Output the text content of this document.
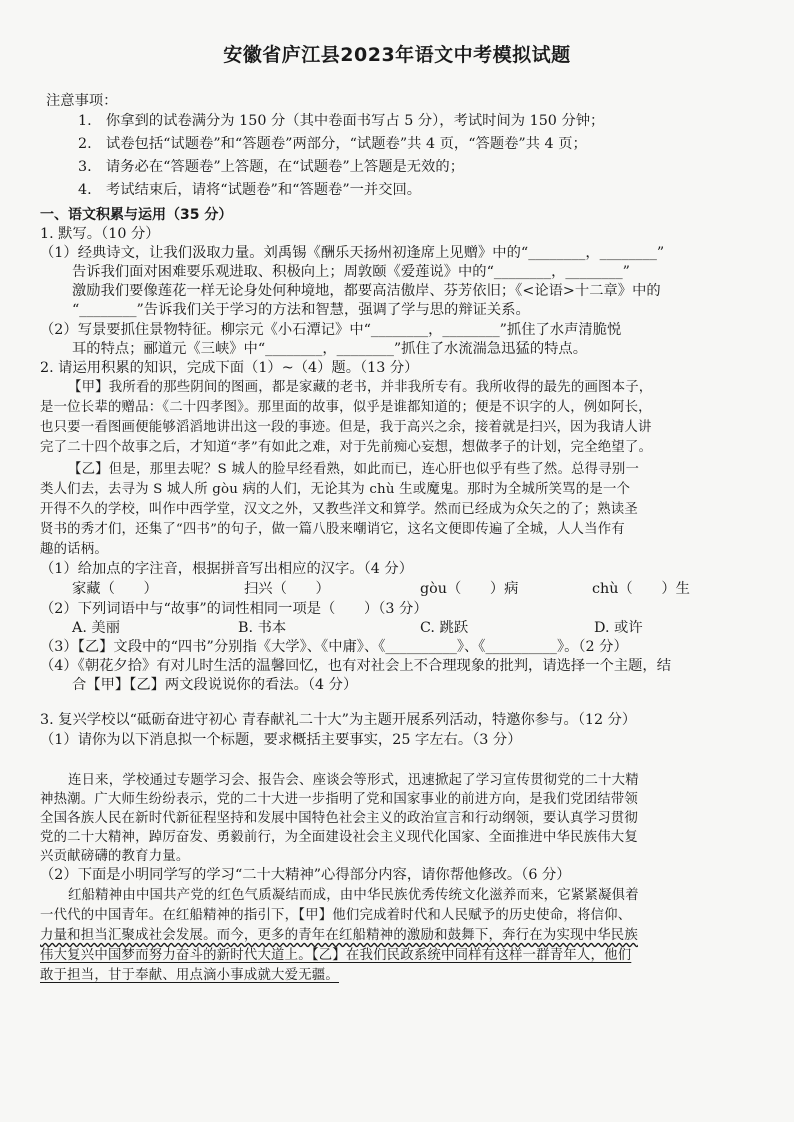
安徽省庐江县2023年语文中考模拟试题
注意事项：
1.　你拿到的试卷满分为 150 分（其中卷面书写占 5 分），考试时间为 150 分钟；
2.　试卷包括“试题卷”和“答题卷”两部分，“试题卷”共 4 页，“答题卷”共 4 页；
3.　请务必在“答题卷”上答题，在“试题卷”上答题是无效的；
4.　考试结束后，请将“试题卷”和“答题卷”一并交回。
一、语文积累与运用（35 分）
1. 默写。（10 分）
（1）经典诗文，让我们汲取力量。刘禹锡《酬乐天扬州初逢席上见赠》中的“________，________”
告诉我们面对困难要乐观进取、积极向上；周敦颐《爱莲说》中的“________，________”
激励我们要像莲花一样无论身处何种境地，都要高洁傲岸、芬芳依旧；《<论语>十二章》中的
“________”告诉我们关于学习的方法和智慧，强调了学与思的辩证关系。
（2）写景要抓住景物特征。柳宗元《小石潭记》中“________，________”抓住了水声清脆悦
耳的特点；郦道元《三峡》中“________，________”抓住了水流湍急迅猛的特点。
2. 请运用积累的知识，完成下面（1）~（4）题。（13 分）
【甲】我所看的那些阴间的图画，都是家藏的老书，并非我所专有。我所收得的最先的画图本子，
是一位长辈的赠品：《二十四孝图》。那里面的故事，似乎是谁都知道的；便是不识字的人，例如阿长，
也只要一看图画便能够滔滔地讲出这一段的事迹。但是，我于高兴之余，接着就是扫兴，因为我请人讲
完了二十四个故事之后，才知道“孝”有如此之难，对于先前痴心妄想，想做孝子的计划，完全绝望了。
【乙】但是，那里去呢？S 城人的脸早经看熟，如此而已，连心肝也似乎有些了然。总得寻别一
类人们去，去寻为 S 城人所 gòu 病的人们，无论其为 chù 生或魔鬼。那时为全城所笑骂的是一个
开得不久的学校，叫作中西学堂，汉文之外，又教些洋文和算学。然而已经成为众矢之的了；熟读圣
贤书的秀才们，还集了“四书”的句子，做一篇八股来嘲诮它，这名文便即传遍了全城，人人当作有
趣的话柄。
（1）给加点的字注音，根据拼音写出相应的汉字。（4 分）
家藏（　　）	扫兴（　　）	gòu（　　）病	chù（　　）生
（2）下列词语中与“故事”的词性相同一项是（　　）（3 分）
A. 美丽	B. 书本	C. 跳跃	D. 或许
（3）【乙】文段中的“四书”分别指《大学》、《中庸》、《__________》、《__________》。（2 分）
（4）《朝花夕拾》有对儿时生活的温馨回忆，也有对社会上不合理现象的批判，请选择一个主题，结
合【甲】【乙】两文段说说你的看法。（4 分）
3. 复兴学校以“砥砺奋进守初心 青春献礼二十大”为主题开展系列活动，特邀你参与。（12 分）
（1）请你为以下消息拟一个标题，要求概括主要事实，25 字左右。（3 分）
连日来，学校通过专题学习会、报告会、座谈会等形式，迅速掀起了学习宣传贯彻党的二十大精
神热潮。广大师生纷纷表示，党的二十大进一步指明了党和国家事业的前进方向，是我们党团结带领
全国各族人民在新时代新征程坚持和发展中国特色社会主义的政治宣言和行动纲领，要认真学习贯彻
党的二十大精神，踔厉奋发、勇毅前行，为全面建设社会主义现代化国家、全面推进中华民族伟大复
兴贡献磅礴的教育力量。
（2）下面是小明同学写的学习“二十大精神”心得部分内容，请你帮他修改。（6 分）
红船精神由中国共产党的红色气质凝结而成，由中华民族优秀传统文化滋养而来，它紧紧凝俱着
一代代的中国青年。在红船精神的指引下，【甲】他们完成着时代和人民赋予的历史使命，将信仰、
力量和担当汇聚成社会发展。而今，更多的青年在红船精神的激励和鼓舞下，奔行在为实现中华民族
伟大复兴中国梦而努力奋斗的新时代大道上。【乙】在我们民政系统中同样有这样一群青年人，他们
敢于担当，甘于奉献、用点滴小事成就大爱无疆。
